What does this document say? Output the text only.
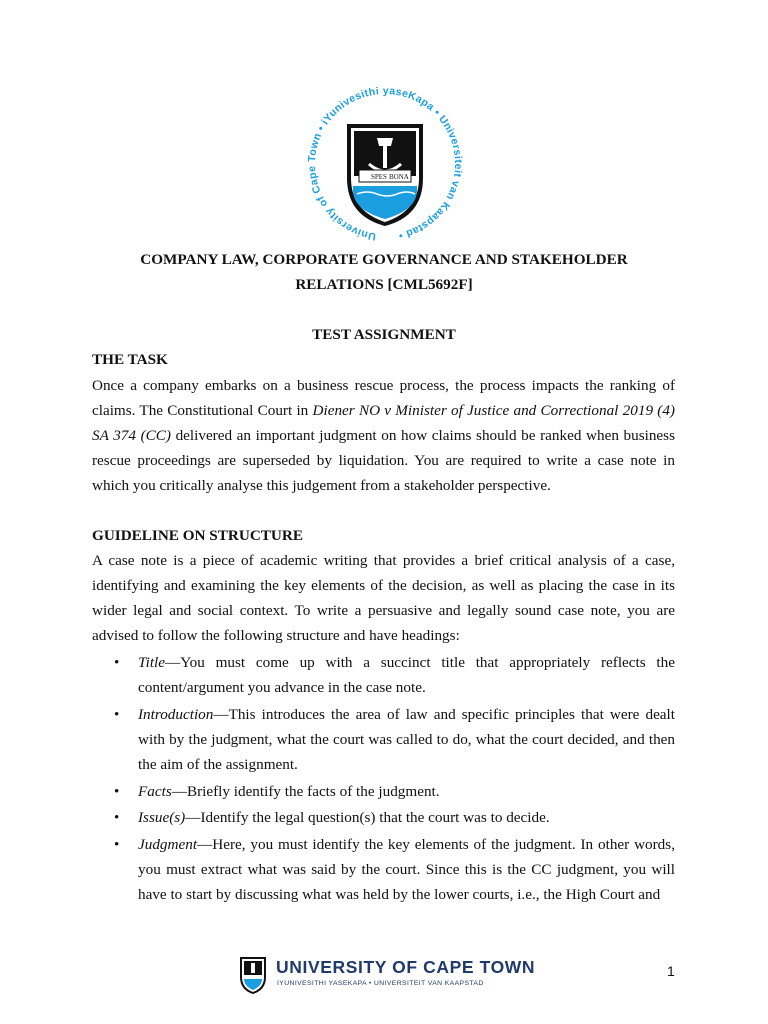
University of Cape Town • iYunivesithi yaseKapa • Universiteit van Kaapstad •
SPES BONA
COMPANY LAW, CORPORATE GOVERNANCE AND STAKEHOLDER
RELATIONS [CML5692F]
TEST ASSIGNMENT
THE TASK
Once a company embarks on a business rescue process, the process impacts the ranking of claims. The Constitutional Court in Diener NO v Minister of Justice and Correctional 2019 (4) SA 374 (CC) delivered an important judgment on how claims should be ranked when business rescue proceedings are superseded by liquidation. You are required to write a case note in which you critically analyse this judgement from a stakeholder perspective.
GUIDELINE ON STRUCTURE
A case note is a piece of academic writing that provides a brief critical analysis of a case, identifying and examining the key elements of the decision, as well as placing the case in its wider legal and social context. To write a persuasive and legally sound case note, you are advised to follow the following structure and have headings:
• Title—You must come up with a succinct title that appropriately reflects the content/argument you advance in the case note.
• Introduction—This introduces the area of law and specific principles that were dealt with by the judgment, what the court was called to do, what the court decided, and then the aim of the assignment.
• Facts—Briefly identify the facts of the judgment.
• Issue(s)—Identify the legal question(s) that the court was to decide.
• Judgment—Here, you must identify the key elements of the judgment. In other words, you must extract what was said by the court. Since this is the CC judgment, you will have to start by discussing what was held by the lower courts, i.e., the High Court and
UNIVERSITY OF CAPE TOWN
IYUNIVESITHI YASEKAPA • UNIVERSITEIT VAN KAAPSTAD
1
